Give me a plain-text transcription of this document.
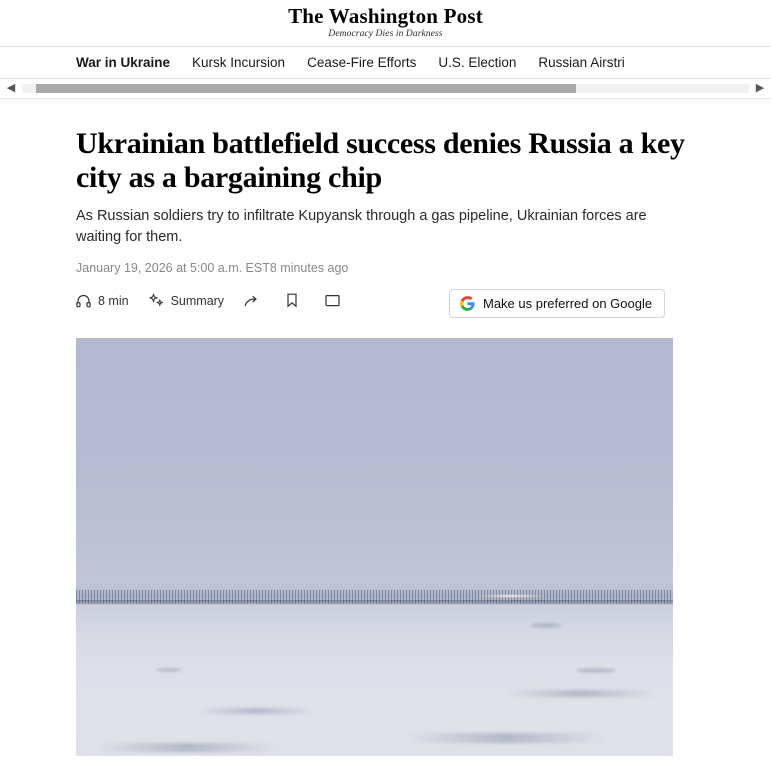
The Washington Post
Democracy Dies in Darkness
War in Ukraine Kursk Incursion Cease-Fire Efforts U.S. Election Russian Airstri
◀	▶
Ukrainian battlefield success denies Russia a key city as a bargaining chip
As Russian soldiers try to infiltrate Kupyansk through a gas pipeline, Ukrainian forces are waiting for them.
January 19, 2026 at 5:00 a.m. EST8 minutes ago
8 min	Summary	Make us preferred on Google
